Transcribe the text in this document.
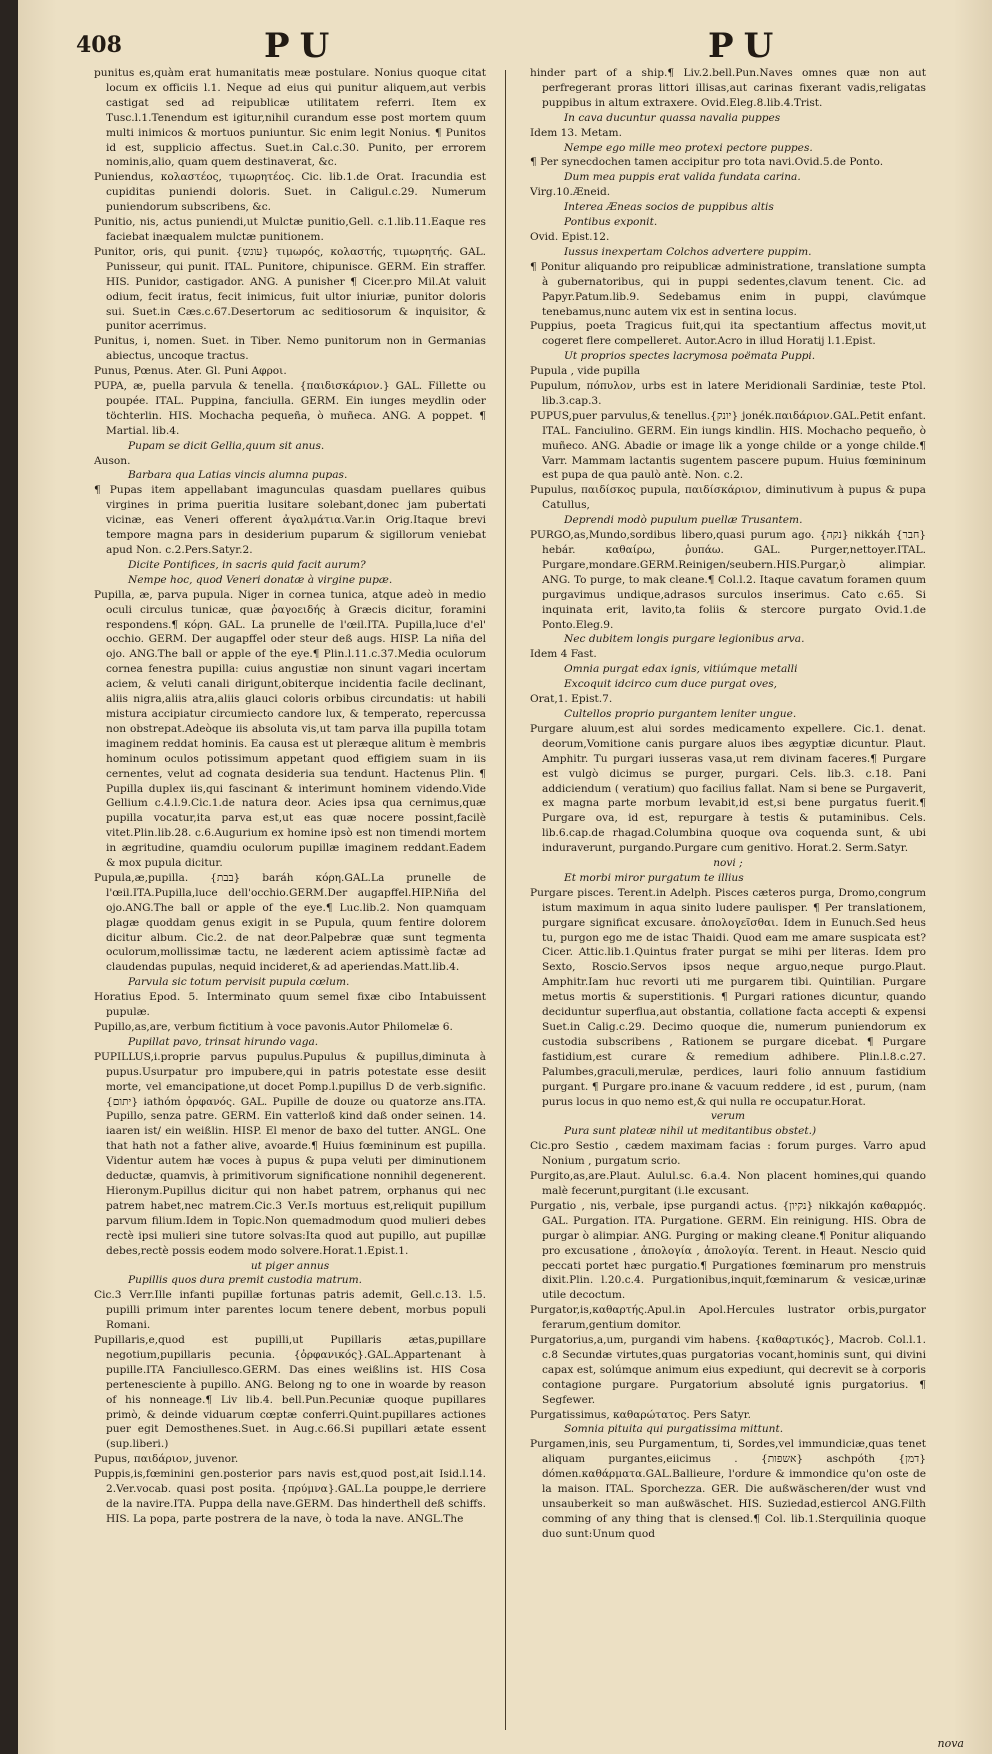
408	PU	PU

punitus es,quàm erat humanitatis meæ postulare. Nonius quoque citat locum ex officiis l.1. Neque ad eius qui punitur aliquem,aut verbis castigat sed ad reipublicæ utilitatem referri. Item ex Tusc.l.1.Tenendum est igitur,nihil curandum esse post mortem quum multi inimicos & mortuos puniuntur. Sic enim legit Nonius. ¶ Punitos id est, supplicio affectus. Suet.in Cal.c.30. Punito, per errorem nominis,alio, quam quem destinaverat, &c.

Puniendus, κολαστέος, τιμωρητέος. Cic. lib.1.de Orat. Iracundia est cupiditas puniendi doloris. Suet. in Caligul.c.29. Numerum puniendorum subscribens, &c.

Punitio, nis, actus puniendi,ut Mulctæ punitio,Gell. c.1.lib.11.Eaque res faciebat inæqualem mulctæ punitionem.

Punitor, oris, qui punit. {עונש} τιμωρός, κολαστής, τιμωρητής. GAL. Punisseur, qui punit. ITAL. Punitore, chipunisce. GERM. Ein straffer. HIS. Punidor, castigador. ANG. A punisher ¶ Cicer.pro Mil.At valuit odium, fecit iratus, fecit inimicus, fuit ultor iniuriæ, punitor doloris sui. Suet.in Cæs.c.67.Desertorum ac seditiosorum & inquisitor, & punitor acerrimus.

Punitus, i, nomen. Suet. in Tiber. Nemo punitorum non in Germanias abiectus, uncoque tractus.

Punus, Pœnus. Ater. Gl. Puni Αφροι.

PUPA, æ, puella parvula & tenella. {παιδισκάριον.} GAL. Fillette ou poupée. ITAL. Puppina, fanciulla. GERM. Ein iunges meydlin oder töchterlin. HIS. Mochacha pequeña, ò muñeca. ANG. A poppet. ¶ Martial. lib.4.

Pupam se dicit Gellia,quum sit anus.

Auson.

Barbara qua Latias vincis alumna pupas.

¶ Pupas item appellabant imagunculas quasdam puellares quibus virgines in prima pueritia lusitare solebant,donec jam pubertati vicinæ, eas Veneri offerent ἀγαλμάτια.Var.in Orig.Itaque brevi tempore magna pars in desiderium puparum & sigillorum veniebat apud Non. c.2.Pers.Satyr.2.

Dicite Pontifices, in sacris quid facit aurum?

Nempe hoc, quod Veneri donatæ à virgine pupæ.

Pupilla, æ, parva pupula. Niger in cornea tunica, atque adeò in medio oculi circulus tunicæ, quæ ῥαγοειδής à Græcis dicitur, foramini respondens.¶ κόρη. GAL. La prunelle de l'œil.ITA. Pupilla,luce d'el' occhio. GERM. Der augapffel oder steur deß augs. HISP. La niña del ojo. ANG.The ball or apple of the eye.¶ Plin.l.11.c.37.Media oculorum cornea fenestra pupilla: cuius angustiæ non sinunt vagari incertam aciem, & veluti canali dirigunt,obiterque incidentia facile declinant, aliis nigra,aliis atra,aliis glauci coloris orbibus circundatis: ut habili mistura accipiatur circumiecto candore lux, & temperato, repercussa non obstrepat.Adeòque iis absoluta vis,ut tam parva illa pupilla totam imaginem reddat hominis. Ea causa est ut pleræque alitum è membris hominum oculos potissimum appetant quod effigiem suam in iis cernentes, velut ad cognata desideria sua tendunt. Hactenus Plin. ¶ Pupilla duplex iis,qui fascinant & interimunt hominem videndo.Vide Gellium c.4.l.9.Cic.1.de natura deor. Acies ipsa qua cernimus,quæ pupilla vocatur,ita parva est,ut eas quæ nocere possint,facilè vitet.Plin.lib.28. c.6.Augurium ex homine ipsò est non timendi mortem in ægritudine, quamdiu oculorum pupillæ imaginem reddant.Eadem & mox pupula dicitur.

Pupula,æ,pupilla. {בבת} baráh κόρη.GAL.La prunelle de l'œil.ITA.Pupilla,luce dell'occhio.GERM.Der augapffel.HIP.Niña del ojo.ANG.The ball or apple of the eye.¶ Luc.lib.2. Non quamquam plagæ quoddam genus exigit in se Pupula, quum fentire dolorem dicitur album. Cic.2. de nat deor.Palpebræ quæ sunt tegmenta oculorum,mollissimæ tactu, ne læderent aciem aptissimè factæ ad claudendas pupulas, nequid incideret,& ad aperiendas.Matt.lib.4.

Parvula sic totum pervisit pupula cœlum.

Horatius Epod. 5. Interminato quum semel fixæ cibo Intabuissent pupulæ.

Pupillo,as,are, verbum fictitium à voce pavonis.Autor Philomelæ 6.

Pupillat pavo, trinsat hirundo vaga.

PUPILLUS,i.proprie parvus pupulus.Pupulus & pupillus,diminuta à pupus.Usurpatur pro impubere,qui in patris potestate esse desiit morte, vel emancipatione,ut docet Pomp.l.pupillus D de verb.signific. {יתום} iathóm ὀρφανός. GAL. Pupille de douze ou quatorze ans.ITA. Pupillo, senza patre. GERM. Ein vatterloß kind daß onder seinen. 14. iaaren ist/ ein weißlin. HISP. El menor de baxo del tutter. ANGL. One that hath not a father alive, avoarde.¶ Huius fœmininum est pupilla. Videntur autem hæ voces à pupus & pupa veluti per diminutionem deductæ, quamvis, à primitivorum significatione nonnihil degenerent. Hieronym.Pupillus dicitur qui non habet patrem, orphanus qui nec patrem habet,nec matrem.Cic.3 Ver.Is mortuus est,reliquit pupillum parvum filium.Idem in Topic.Non quemadmodum quod mulieri debes rectè ipsi mulieri sine tutore solvas:Ita quod aut pupillo, aut pupillæ debes,rectè possis eodem modo solvere.Horat.1.Epist.1.

ut piger annus

Pupillis quos dura premit custodia matrum.

Cic.3 Verr.Ille infanti pupillæ fortunas patris ademit, Gell.c.13. l.5. pupilli primum inter parentes locum tenere debent, morbus populi Romani.

Pupillaris,e,quod est pupilli,ut Pupillaris ætas,pupillare negotium,pupillaris pecunia. {ὀρφανικός}.GAL.Appartenant à pupille.ITA Fanciullesco.GERM. Das eines weißlins ist. HIS Cosa pertenesciente à pupillo. ANG. Belong ng to one in woarde by reason of his nonneage.¶ Liv lib.4. bell.Pun.Pecuniæ quoque pupillares primò, & deinde viduarum cœptæ conferri.Quint.pupillares actiones puer egit Demosthenes.Suet. in Aug.c.66.Si pupillari ætate essent (sup.liberi.)

Pupus, παιδάριον, juvenor.

Puppis,is,fœminini gen.posterior pars navis est,quod post,ait Isid.l.14. 2.Ver.vocab. quasi post posita. {πρύμνα}.GAL.La pouppe,le derriere de la navire.ITA. Puppa della nave.GERM. Das hinderthell deß schiffs. HIS. La popa, parte postrera de la nave, ò toda la nave. ANGL.The

hinder part of a ship.¶ Liv.2.bell.Pun.Naves omnes quæ non aut perfregerant proras littori illisas,aut carinas fixerant vadis,religatas puppibus in altum extraxere. Ovid.Eleg.8.lib.4.Trist.

In cava ducuntur quassa navalia puppes

Idem 13. Metam.

Nempe ego mille meo protexi pectore puppes.

¶ Per synecdochen tamen accipitur pro tota navi.Ovid.5.de Ponto.

Dum mea puppis erat valida fundata carina.

Virg.10.Æneid.

Interea Æneas socios de puppibus altis

Pontibus exponit.

Ovid. Epist.12.

Iussus inexpertam Colchos advertere puppim.

¶ Ponitur aliquando pro reipublicæ administratione, translatione sumpta à gubernatoribus, qui in puppi sedentes,clavum tenent. Cic. ad Papyr.Patum.lib.9. Sedebamus enim in puppi, clavúmque tenebamus,nunc autem vix est in sentina locus.

Puppius, poeta Tragicus fuit,qui ita spectantium affectus movit,ut cogeret flere compelleret. Autor.Acro in illud Horatij l.1.Epist.

Ut proprios spectes lacrymosa poëmata Puppi.

Pupula , vide pupilla

Pupulum, πόπυλον, urbs est in latere Meridionali Sardiniæ, teste Ptol. lib.3.cap.3.

PUPUS,puer parvulus,& tenellus.{יונק} jonék.παιδάριον.GAL.Petit enfant. ITAL. Fanciulino. GERM. Ein iungs kindlin. HIS. Mochacho pequeño, ò muñeco. ANG. Abadie or image lik a yonge childe or a yonge childe.¶ Varr. Mammam lactantis sugentem pascere pupum. Huius fœmininum est pupa de qua paulò antè. Non. c.2.

Pupulus, παιδίσκος pupula, παιδίσκάριον, diminutivum à pupus & pupa Catullus,

Deprendi modò pupulum puellæ Trusantem.

PURGO,as,Mundo,sordibus libero,quasi purum ago. {נקה} nikkáh {חבר} hebár. καθαίρω, ῥυπάω. GAL. Purger,nettoyer.ITAL. Purgare,mondare.GERM.Reinigen/seubern.HIS.Purgar,ò alimpiar. ANG. To purge, to mak cleane.¶ Col.l.2. Itaque cavatum foramen quum purgavimus undique,adrasos surculos inserimus. Cato c.65. Si inquinata erit, lavito,ta foliis & stercore purgato Ovid.1.de Ponto.Eleg.9.

Nec dubitem longis purgare legionibus arva.

Idem 4 Fast.

Omnia purgat edax ignis, vitiúmque metalli

Excoquit idcirco cum duce purgat oves,

Orat,1. Epist.7.

Cultellos proprio purgantem leniter ungue.

Purgare aluum,est alui sordes medicamento expellere. Cic.1. denat. deorum,Vomitione canis purgare aluos ibes ægyptiæ dicuntur. Plaut. Amphitr. Tu purgari iusseras vasa,ut rem divinam faceres.¶ Purgare est vulgò dicimus se purger, purgari. Cels. lib.3. c.18. Pani addiciendum ( veratium) quo facilius fallat. Nam si bene se Purgaverit, ex magna parte morbum levabit,id est,si bene purgatus fuerit.¶ Purgare ova, id est, repurgare à testis & putaminibus. Cels. lib.6.cap.de rhagad.Columbina quoque ova coquenda sunt, & ubi induraverunt, purgando.Purgare cum genitivo. Horat.2. Serm.Satyr.

novi ;

Et morbi miror purgatum te illius

Purgare pisces. Terent.in Adelph. Pisces cæteros purga, Dromo,congrum istum maximum in aqua sinito ludere paulisper. ¶ Per translationem, purgare significat excusare. ἀπολογεῖσθαι. Idem in Eunuch.Sed heus tu, purgon ego me de istac Thaidi. Quod eam me amare suspicata est?Cicer. Attic.lib.1.Quintus frater purgat se mihi per literas. Idem pro Sexto, Roscio.Servos ipsos neque arguo,neque purgo.Plaut. Amphitr.Iam huc revorti uti me purgarem tibi. Quintilian. Purgare metus mortis & superstitionis. ¶ Purgari rationes dicuntur, quando deciduntur superflua,aut obstantia, collatione facta accepti & expensi Suet.in Calig.c.29. Decimo quoque die, numerum puniendorum ex custodia subscribens , Rationem se purgare dicebat. ¶ Purgare fastidium,est curare & remedium adhibere. Plin.l.8.c.27. Palumbes,graculi,merulæ, perdices, lauri folio annuum fastidium purgant. ¶ Purgare pro.inane & vacuum reddere , id est , purum, (nam purus locus in quo nemo est,& qui nulla re occupatur.Horat.

verum

Pura sunt plateæ nihil ut meditantibus obstet.)

Cic.pro Sestio , cædem maximam facias : forum purges. Varro apud Nonium , purgatum scrio.

Purgito,as,are.Plaut. Aulul.sc. 6.a.4. Non placent homines,qui quando malè fecerunt,purgitant (i.le excusant.

Purgatio , nis, verbale, ipse purgandi actus. {נקיון} nikkajón καθαρμός. GAL. Purgation. ITA. Purgatione. GERM. Ein reinigung. HIS. Obra de purgar ò alimpiar. ANG. Purging or making cleane.¶ Ponitur aliquando pro excusatione , ἀπολογία , ἀπολογία. Terent. in Heaut. Nescio quid peccati portet hæc purgatio.¶ Purgationes fœminarum pro menstruis dixit.Plin. l.20.c.4. Purgationibus,inquit,fœminarum & vesicæ,urinæ utile decoctum.

Purgator,is,καθαρτής.Apul.in Apol.Hercules lustrator orbis,purgator ferarum,gentium domitor.

Purgatorius,a,um, purgandi vim habens. {καθαρτικός}, Macrob. Col.l.1. c.8 Secundæ virtutes,quas purgatorias vocant,hominis sunt, qui divini capax est, solúmque animum eius expediunt, qui decrevit se à corporis contagione purgare. Purgatorium absoluté ignis purgatorius. ¶ Segfewer.

Purgatissimus, καθαρώτατος. Pers Satyr.

Somnia pituita qui purgatissima mittunt.

Purgamen,inis, seu Purgamentum, ti, Sordes,vel immundiciæ,quas tenet aliquam purgantes,eiicimus . {אשפות} aschpóth {דמן} dómen.καθάρματα.GAL.Balliеure, l'ordure & immondice qu'on oste de la maison. ITAL. Sporchezza. GER. Die außwäscheren/der wust vnd unsauberkeit so man außwäschet. HIS. Suziedad,estiercol ANG.Filth comming of any thing that is clensed.¶ Col. lib.1.Sterquilinia quoque duo sunt:Unum quod

nova
